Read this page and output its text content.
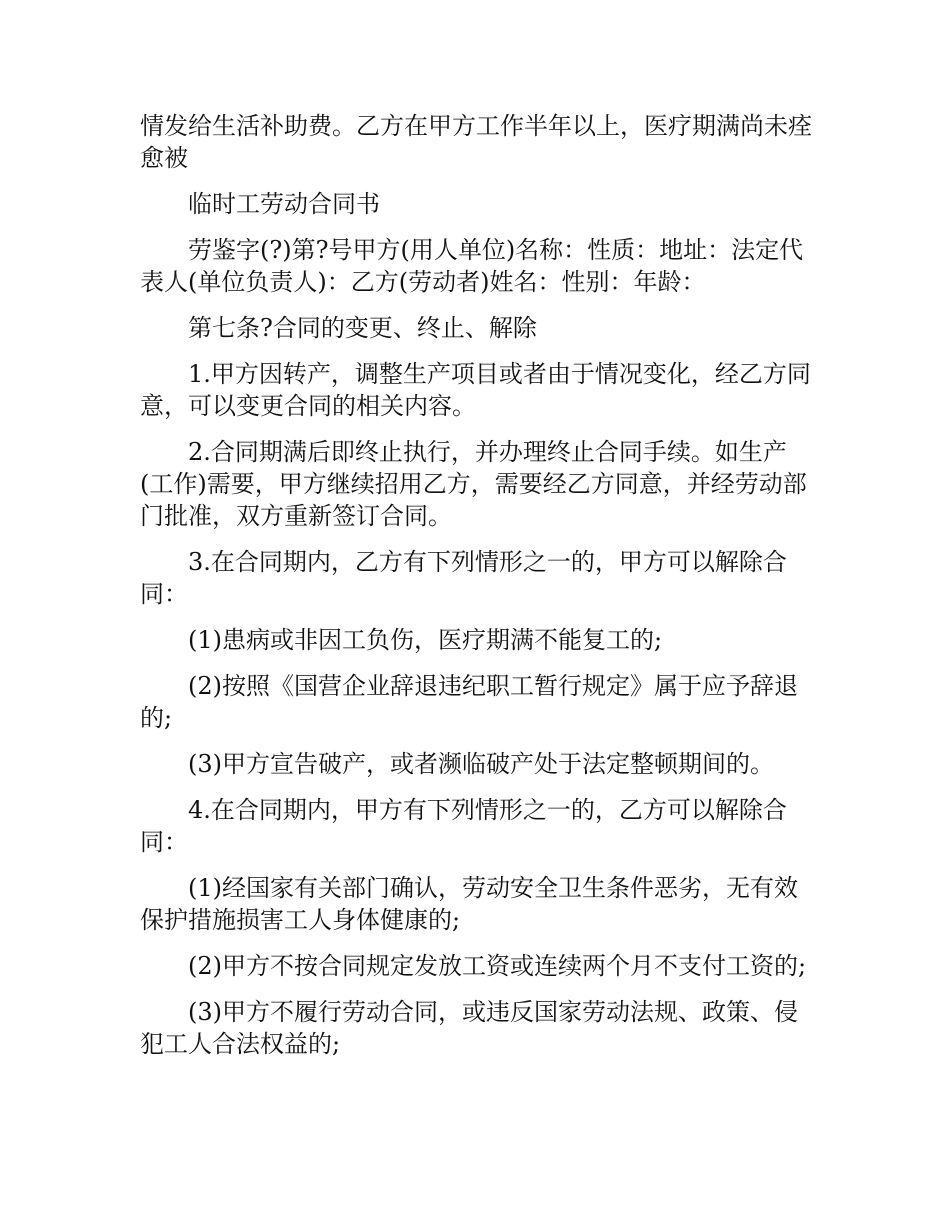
情发给生活补助费。乙方在甲方工作半年以上，医疗期满尚未痊愈被

临时工劳动合同书

劳鉴字(?)第?号甲方(用人单位)名称：性质：地址：法定代表人(单位负责人)：乙方(劳动者)姓名：性别：年龄：

第七条?合同的变更、终止、解除

1.甲方因转产，调整生产项目或者由于情况变化，经乙方同意，可以变更合同的相关内容。

2.合同期满后即终止执行，并办理终止合同手续。如生产(工作)需要，甲方继续招用乙方，需要经乙方同意，并经劳动部门批准，双方重新签订合同。

3.在合同期内，乙方有下列情形之一的，甲方可以解除合同：

(1)患病或非因工负伤，医疗期满不能复工的;

(2)按照《国营企业辞退违纪职工暂行规定》属于应予辞退的;

(3)甲方宣告破产，或者濒临破产处于法定整顿期间的。

4.在合同期内，甲方有下列情形之一的，乙方可以解除合同：

(1)经国家有关部门确认，劳动安全卫生条件恶劣，无有效保护措施损害工人身体健康的;

(2)甲方不按合同规定发放工资或连续两个月不支付工资的;

(3)甲方不履行劳动合同，或违反国家劳动法规、政策、侵犯工人合法权益的;
